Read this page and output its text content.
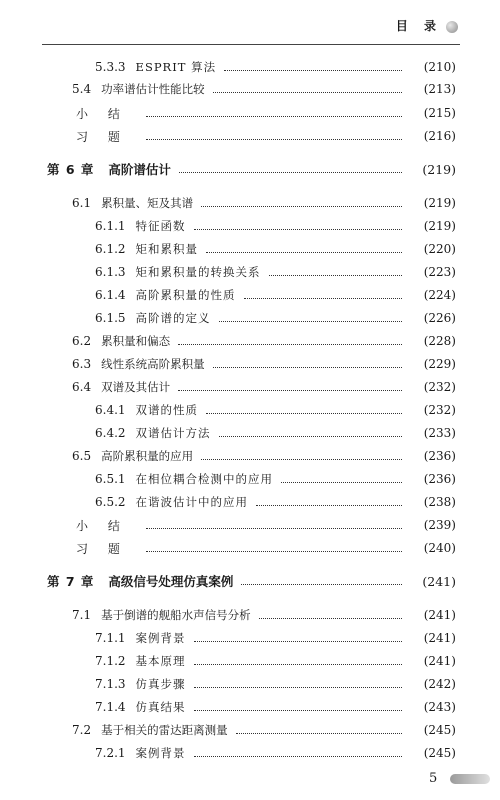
目 录
5.3.3 ESPRIT 算法	(210)
5.4 功率谱估计性能比较	(213)
小 结	(215)
习 题	(216)
第 6 章 高阶谱估计	(219)
6.1 累积量、矩及其谱	(219)
6.1.1 特征函数	(219)
6.1.2 矩和累积量	(220)
6.1.3 矩和累积量的转换关系	(223)
6.1.4 高阶累积量的性质	(224)
6.1.5 高阶谱的定义	(226)
6.2 累积量和偏态	(228)
6.3 线性系统高阶累积量	(229)
6.4 双谱及其估计	(232)
6.4.1 双谱的性质	(232)
6.4.2 双谱估计方法	(233)
6.5 高阶累积量的应用	(236)
6.5.1 在相位耦合检测中的应用	(236)
6.5.2 在谐波估计中的应用	(238)
小 结	(239)
习 题	(240)
第 7 章 高级信号处理仿真案例	(241)
7.1 基于倒谱的舰船水声信号分析	(241)
7.1.1 案例背景	(241)
7.1.2 基本原理	(241)
7.1.3 仿真步骤	(242)
7.1.4 仿真结果	(243)
7.2 基于相关的雷达距离测量	(245)
7.2.1 案例背景	(245)
5
